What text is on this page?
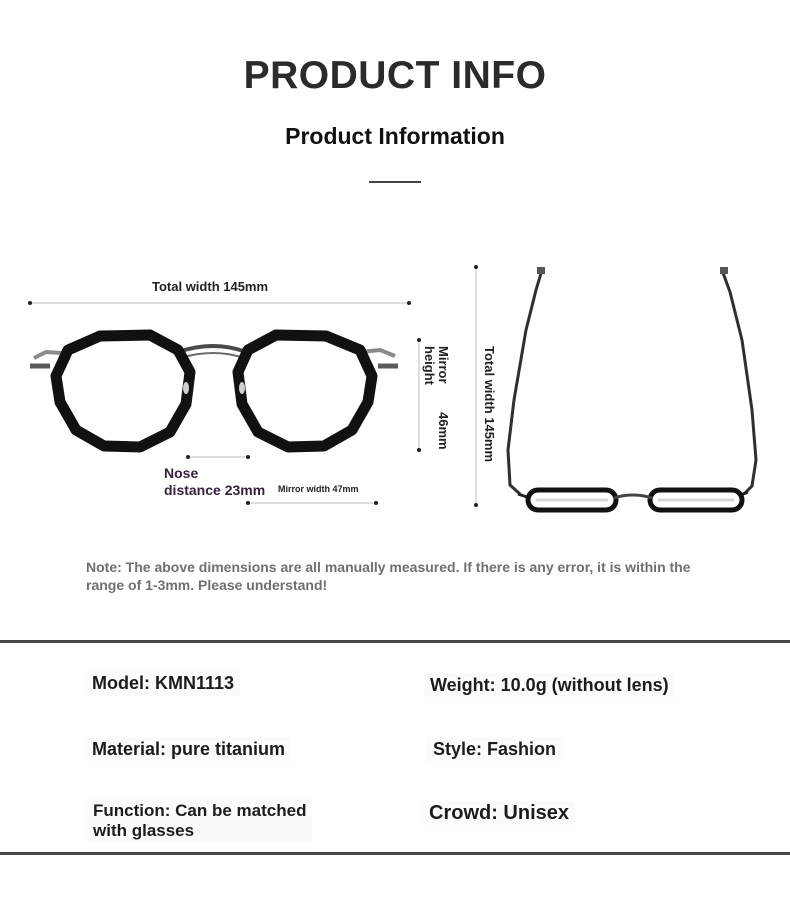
PRODUCT INFO
Product Information
Total width 145mm
Mirror height
46mm
Nose
distance 23mm Mirror width 47mm
Total width 145mm
Note: The above dimensions are all manually measured. If there is any error, it is within the range of 1-3mm. Please understand!
Model: KMN1113	Weight: 10.0g (without lens)
Material: pure titanium	Style: Fashion
Function: Can be matched
with glasses
Crowd: Unisex
